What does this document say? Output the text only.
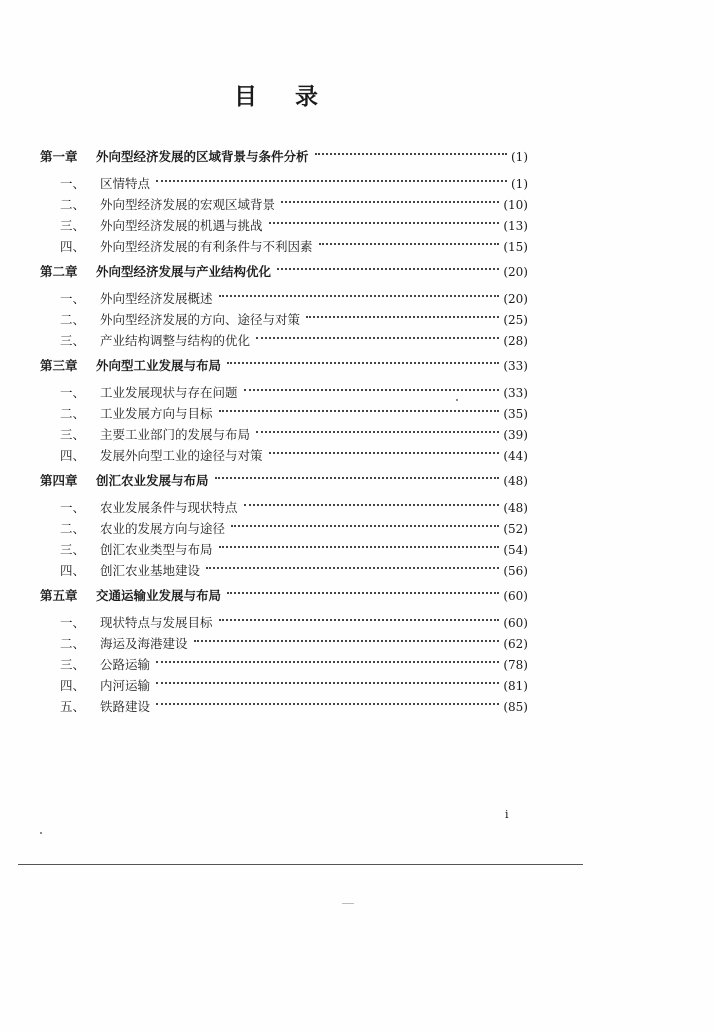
目录
第一章	外向型经济发展的区域背景与条件分析	(1)
一、	区情特点	(1)
二、	外向型经济发展的宏观区域背景	(10)
三、	外向型经济发展的机遇与挑战	(13)
四、	外向型经济发展的有利条件与不利因素	(15)
第二章	外向型经济发展与产业结构优化	(20)
一、	外向型经济发展概述	(20)
二、	外向型经济发展的方向、途径与对策	(25)
三、	产业结构调整与结构的优化	(28)
第三章	外向型工业发展与布局	(33)
一、	工业发展现状与存在问题	(33)
二、	工业发展方向与目标	(35)
三、	主要工业部门的发展与布局	(39)
四、	发展外向型工业的途径与对策	(44)
第四章	创汇农业发展与布局	(48)
一、	农业发展条件与现状特点	(48)
二、	农业的发展方向与途径	(52)
三、	创汇农业类型与布局	(54)
四、	创汇农业基地建设	(56)
第五章	交通运输业发展与布局	(60)
一、	现状特点与发展目标	(60)
二、	海运及海港建设	(62)
三、	公路运输	(78)
四、	内河运输	(81)
五、	铁路建设	(85)
i
